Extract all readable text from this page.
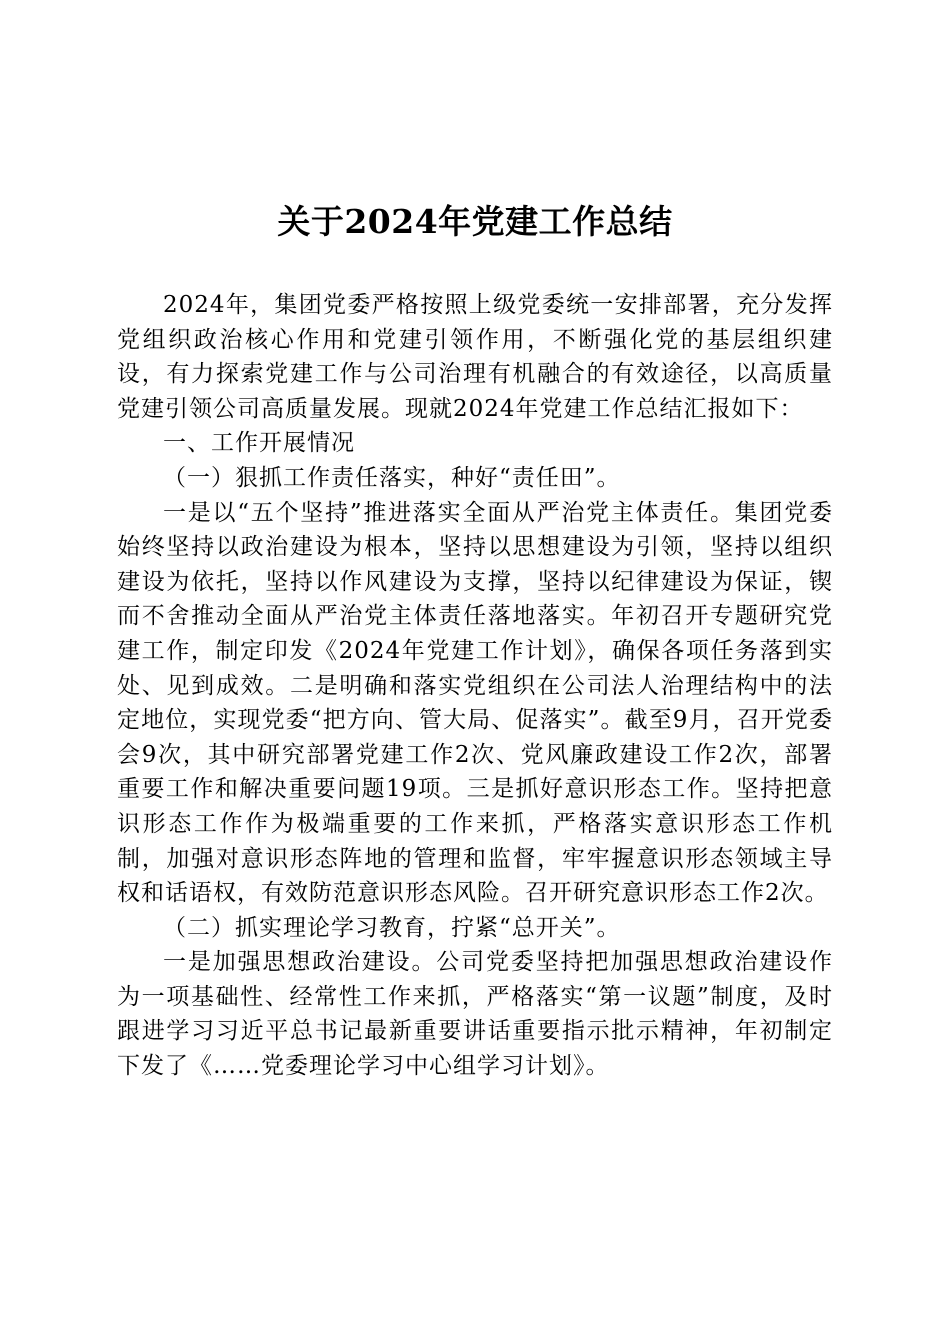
关于2024年党建工作总结

2024年，集团党委严格按照上级党委统一安排部署，充分发挥党组织政治核心作用和党建引领作用，不断强化党的基层组织建设，有力探索党建工作与公司治理有机融合的有效途径，以高质量党建引领公司高质量发展。现就2024年党建工作总结汇报如下：

一、工作开展情况
（一）狠抓工作责任落实，种好“责任田”。

一是以“五个坚持”推进落实全面从严治党主体责任。集团党委始终坚持以政治建设为根本，坚持以思想建设为引领，坚持以组织建设为依托，坚持以作风建设为支撑，坚持以纪律建设为保证，锲而不舍推动全面从严治党主体责任落地落实。年初召开专题研究党建工作，制定印发《2024年党建工作计划》，确保各项任务落到实处、见到成效。二是明确和落实党组织在公司法人治理结构中的法定地位，实现党委“把方向、管大局、促落实”。截至9月，召开党委会9次，其中研究部署党建工作2次、党风廉政建设工作2次，部署重要工作和解决重要问题19项。三是抓好意识形态工作。坚持把意识形态工作作为极端重要的工作来抓，严格落实意识形态工作机制，加强对意识形态阵地的管理和监督，牢牢握意识形态领域主导权和话语权，有效防范意识形态风险。召开研究意识形态工作2次。

（二）抓实理论学习教育，拧紧“总开关”。

一是加强思想政治建设。公司党委坚持把加强思想政治建设作为一项基础性、经常性工作来抓，严格落实“第一议题”制度，及时跟进学习习近平总书记最新重要讲话重要指示批示精神，年初制定下发了《……党委理论学习中心组学习计划》。
